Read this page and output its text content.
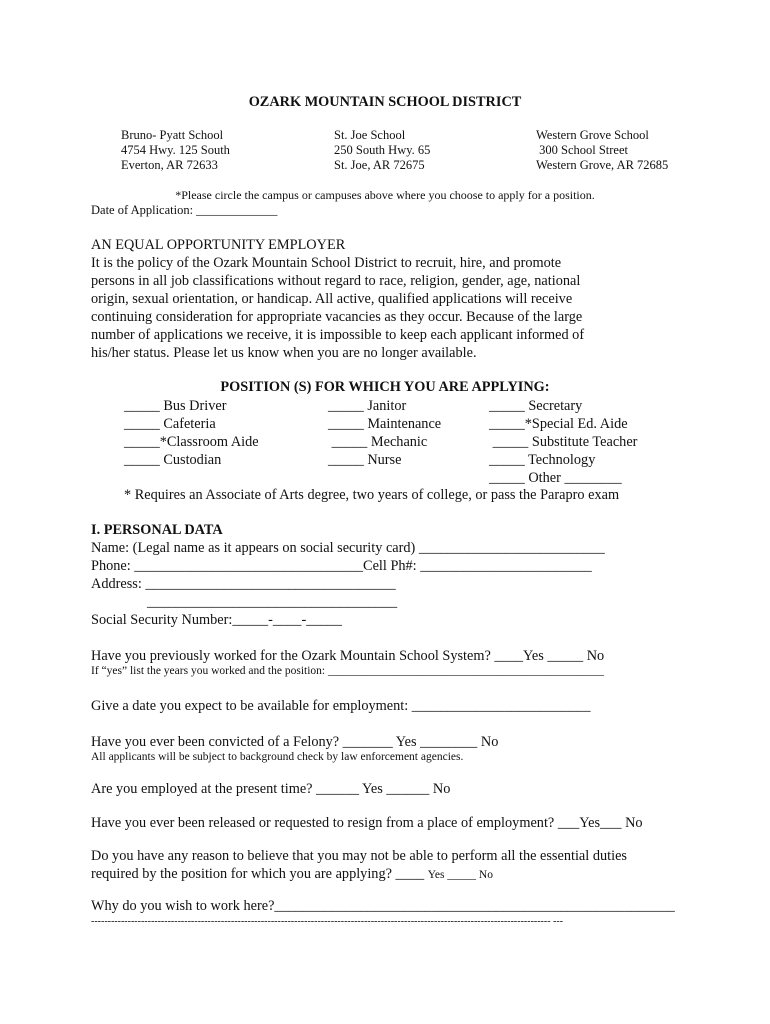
OZARK MOUNTAIN SCHOOL DISTRICT
Bruno- Pyatt School
4754 Hwy. 125 South
Everton, AR 72633
St. Joe School
250 South Hwy. 65
St. Joe, AR 72675
Western Grove School
300 School Street
Western Grove, AR 72685
*Please circle the campus or campuses above where you choose to apply for a position.
Date of Application: _____________
AN EQUAL OPPORTUNITY EMPLOYER
It is the policy of the Ozark Mountain School District to recruit, hire, and promote
persons in all job classifications without regard to race, religion, gender, age, national
origin, sexual orientation, or handicap. All active, qualified applications will receive
continuing consideration for appropriate vacancies as they occur. Because of the large
number of applications we receive, it is impossible to keep each applicant informed of
his/her status. Please let us know when you are no longer available.
POSITION (S) FOR WHICH YOU ARE APPLYING:
_____ Bus Driver
_____ Cafeteria
_____*Classroom Aide
_____ Custodian
_____ Janitor
_____ Maintenance
_____ Mechanic
_____ Nurse
_____ Secretary
_____*Special Ed. Aide
_____ Substitute Teacher
_____ Technology
_____ Other ________
* Requires an Associate of Arts degree, two years of college, or pass the Parapro exam
I. PERSONAL DATA
Name: (Legal name as it appears on social security card) __________________________
Phone: ________________________________Cell Ph#: ________________________
Address: ___________________________________
___________________________________
Social Security Number:_____-____-_____
Have you previously worked for the Ozark Mountain School System? ____Yes _____ No
If “yes” list the years you worked and the position: ________________________________________________
Give a date you expect to be available for employment: _________________________
Have you ever been convicted of a Felony? _______ Yes ________ No
All applicants will be subject to background check by law enforcement agencies.
Are you employed at the present time? ______ Yes ______ No
Have you ever been released or requested to resign from a place of employment? ___Yes___ No
Do you have any reason to believe that you may not be able to perform all the essential duties
required by the position for which you are applying? ____ Yes _____ No
Why do you wish to work here?________________________________________________________
------------------------------------------------------------------------------------------------------------------------------------------ ---
